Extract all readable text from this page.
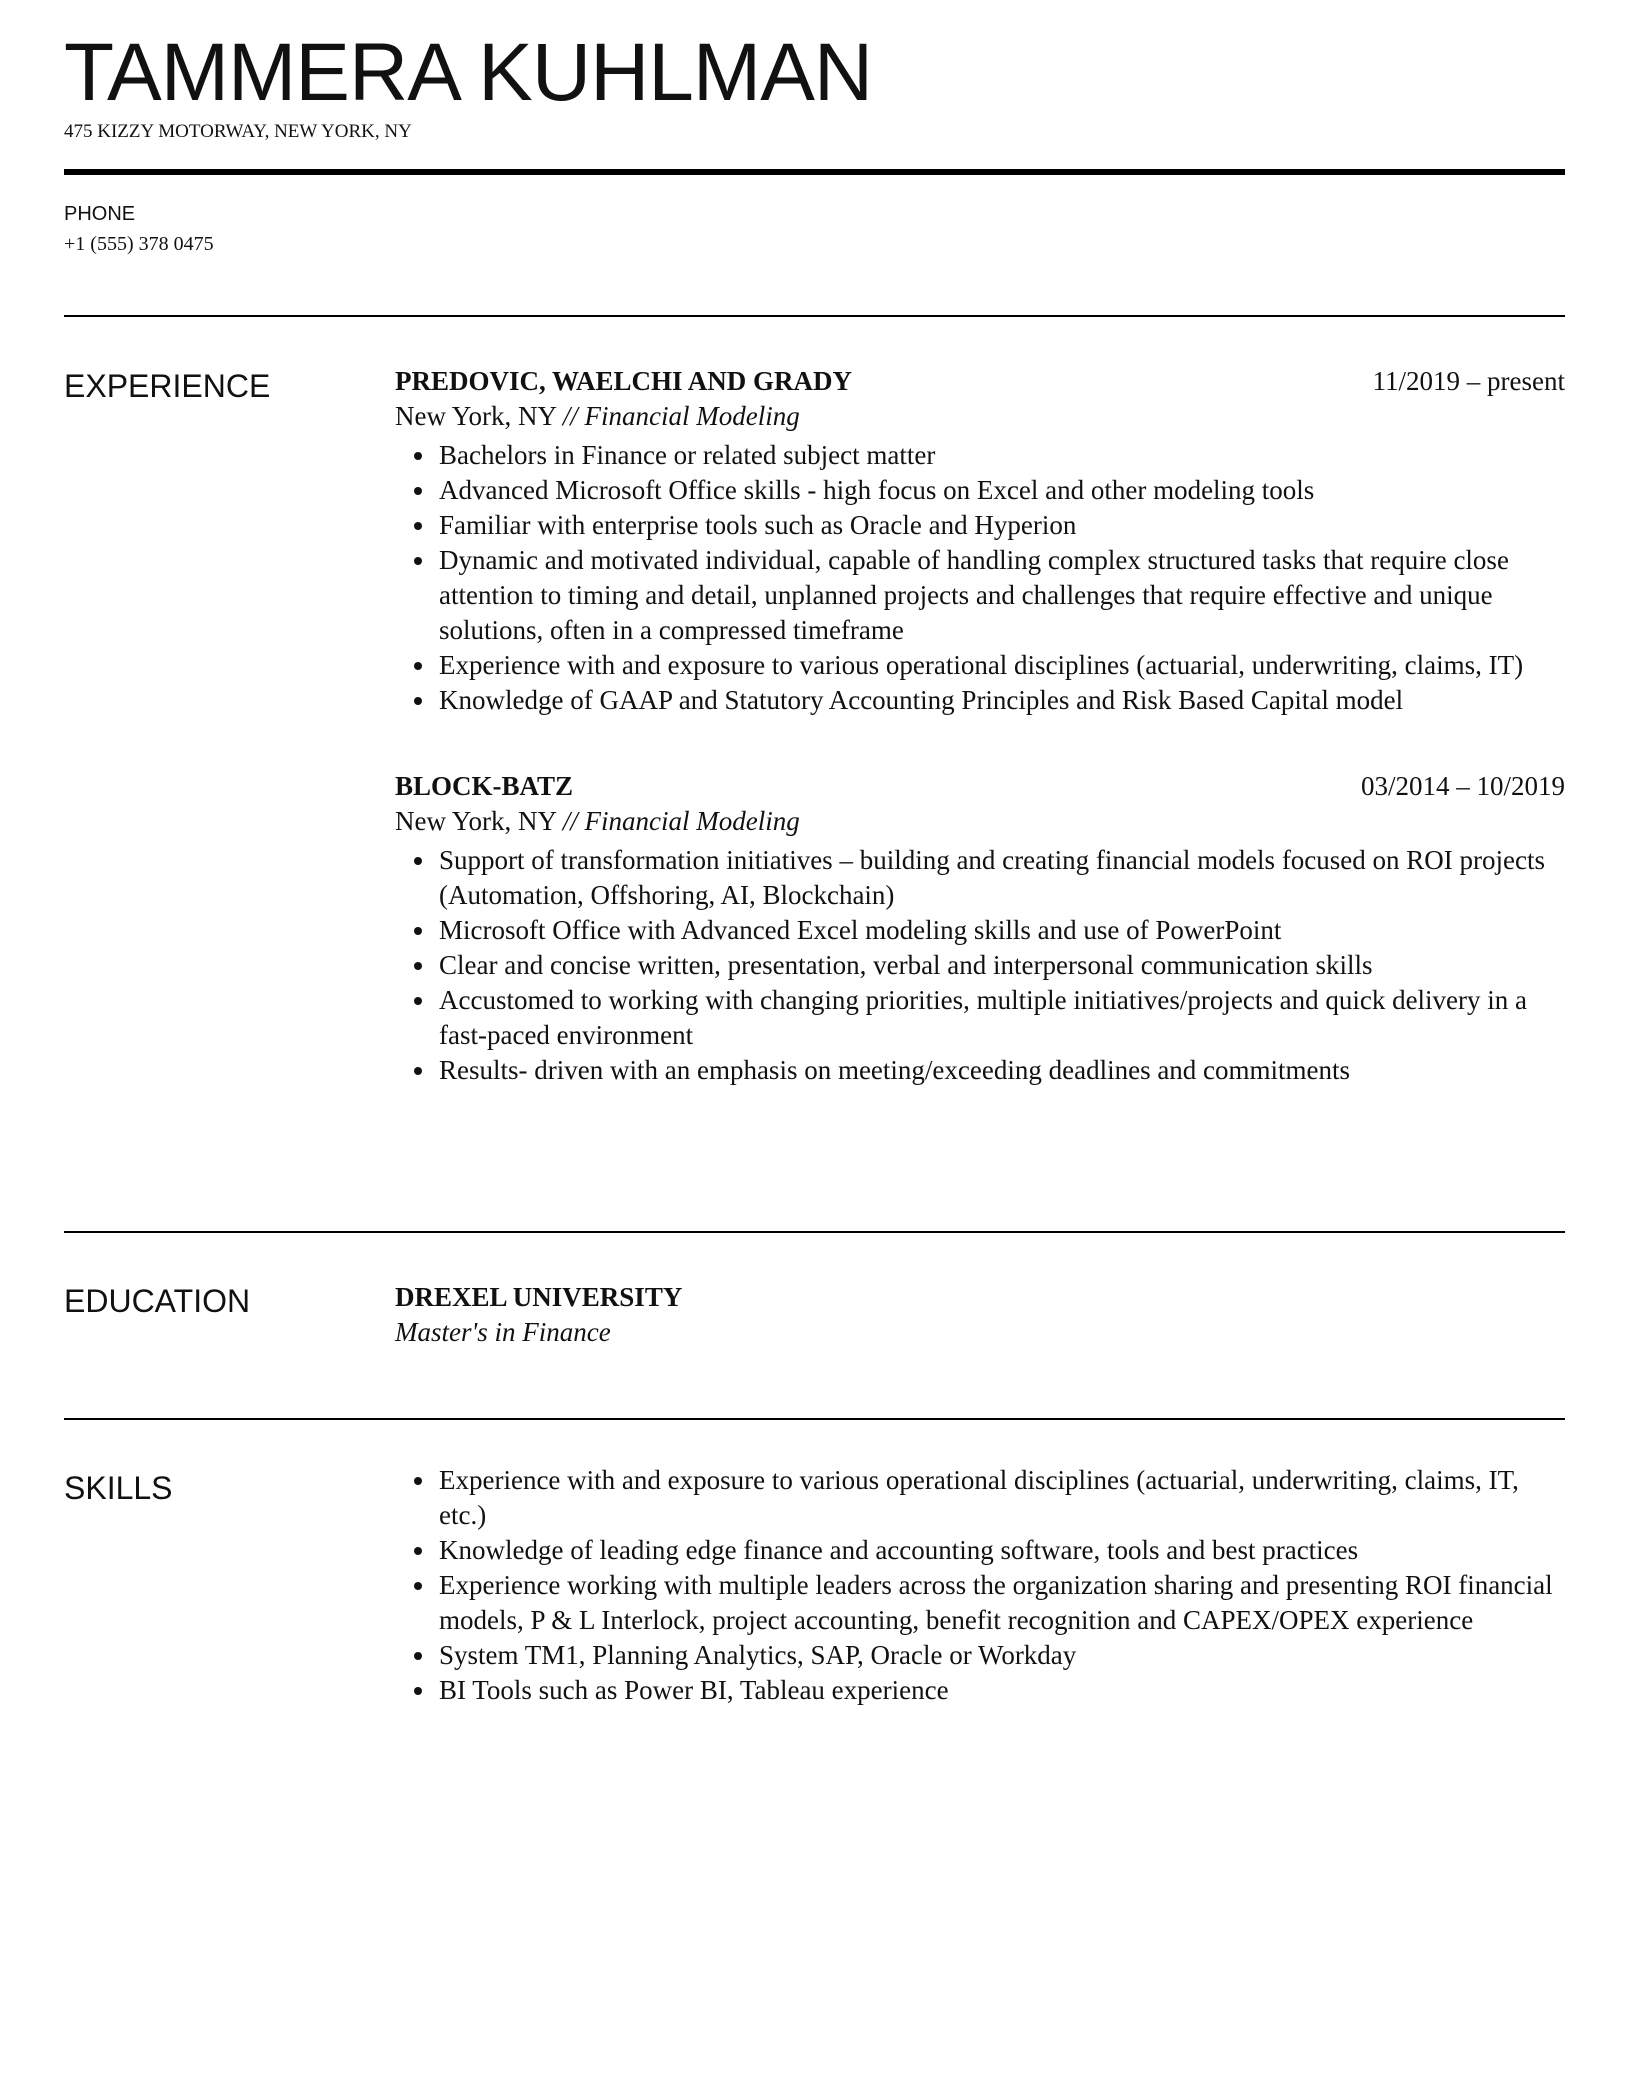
TAMMERA KUHLMAN
475 KIZZY MOTORWAY, NEW YORK, NY
PHONE
+1 (555) 378 0475
EXPERIENCE	PREDOVIC, WAELCHI AND GRADY	11/2019 – present
New York, NY // Financial Modeling
• Bachelors in Finance or related subject matter
• Advanced Microsoft Office skills - high focus on Excel and other modeling tools
• Familiar with enterprise tools such as Oracle and Hyperion
• Dynamic and motivated individual, capable of handling complex structured tasks that require close attention to timing and detail, unplanned projects and challenges that require effective and unique solutions, often in a compressed timeframe
• Experience with and exposure to various operational disciplines (actuarial, underwriting, claims, IT)
• Knowledge of GAAP and Statutory Accounting Principles and Risk Based Capital model
BLOCK-BATZ	03/2014 – 10/2019
New York, NY // Financial Modeling
• Support of transformation initiatives – building and creating financial models focused on ROI projects (Automation, Offshoring, AI, Blockchain)
• Microsoft Office with Advanced Excel modeling skills and use of PowerPoint
• Clear and concise written, presentation, verbal and interpersonal communication skills
• Accustomed to working with changing priorities, multiple initiatives/projects and quick delivery in a fast-paced environment
• Results- driven with an emphasis on meeting/exceeding deadlines and commitments
EDUCATION	DREXEL UNIVERSITY
Master's in Finance
SKILLS	• Experience with and exposure to various operational disciplines (actuarial, underwriting, claims, IT, etc.)
• Knowledge of leading edge finance and accounting software, tools and best practices
• Experience working with multiple leaders across the organization sharing and presenting ROI financial models, P & L Interlock, project accounting, benefit recognition and CAPEX/OPEX experience
• System TM1, Planning Analytics, SAP, Oracle or Workday
• BI Tools such as Power BI, Tableau experience
